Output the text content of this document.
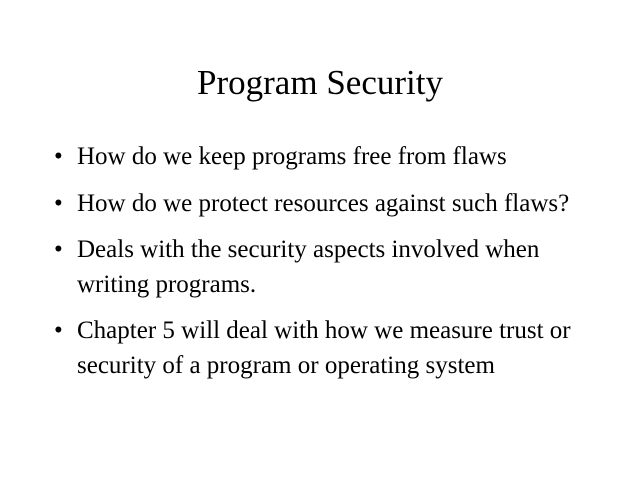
Program Security
• How do we keep programs free from flaws
• How do we protect resources against such flaws?
• Deals with the security aspects involved when writing programs.
• Chapter 5 will deal with how we measure trust or security of a program or operating system
